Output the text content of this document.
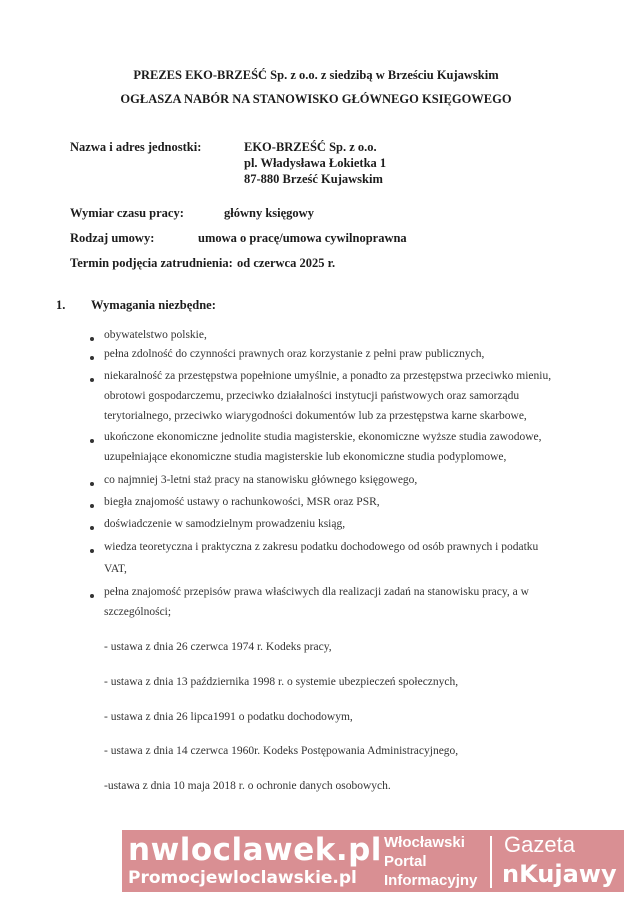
PREZES EKO-BRZEŚĆ Sp. z o.o. z siedzibą w Brześciu Kujawskim
OGŁASZA NABÓR NA STANOWISKO GŁÓWNEGO KSIĘGOWEGO
Nazwa i adres jednostki:	EKO-BRZEŚĆ Sp. z o.o.
pl. Władysława Łokietka 1
87-880 Brześć Kujawskim
Wymiar czasu pracy:	główny księgowy
Rodzaj umowy:	umowa o pracę/umowa cywilnoprawna
Termin podjęcia zatrudnienia: od czerwca 2025 r.
1. Wymagania niezbędne:
obywatelstwo polskie,
pełna zdolność do czynności prawnych oraz korzystanie z pełni praw publicznych,
niekaralność za przestępstwa popełnione umyślnie, a ponadto za przestępstwa przeciwko mieniu,
obrotowi gospodarczemu, przeciwko działalności instytucji państwowych oraz samorządu
terytorialnego, przeciwko wiarygodności dokumentów lub za przestępstwa karne skarbowe,
ukończone ekonomiczne jednolite studia magisterskie, ekonomiczne wyższe studia zawodowe,
uzupełniające ekonomiczne studia magisterskie lub ekonomiczne studia podyplomowe,
co najmniej 3-letni staż pracy na stanowisku głównego księgowego,
biegła znajomość ustawy o rachunkowości, MSR oraz PSR,
doświadczenie w samodzielnym prowadzeniu ksiąg,
wiedza teoretyczna i praktyczna z zakresu podatku dochodowego od osób prawnych i podatku
VAT,
pełna znajomość przepisów prawa właściwych dla realizacji zadań na stanowisku pracy, a w
szczególności;
- ustawa z dnia 26 czerwca 1974 r. Kodeks pracy,
- ustawa z dnia 13 października 1998 r. o systemie ubezpieczeń społecznych,
- ustawa z dnia 26 lipca1991 o podatku dochodowym,
- ustawa z dnia 14 czerwca 1960r. Kodeks Postępowania Administracyjnego,
-ustawa z dnia 10 maja 2018 r. o ochronie danych osobowych.
nwloclawek.pl
Promocjewloclawskie.pl
Włocławski
Portal
Informacyjny
Gazeta
nKujawy
